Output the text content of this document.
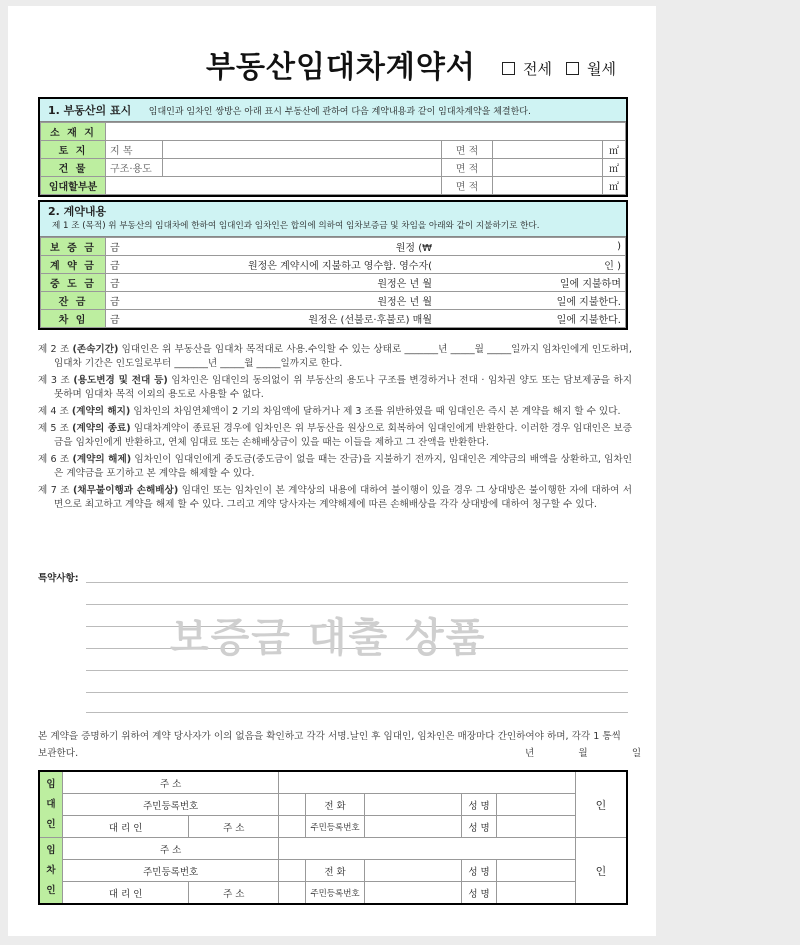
부동산임대차계약서	전세 월세
1. 부동산의 표시 임대인과 임차인 쌍방은 아래 표시 부동산에 관하여 다음 계약내용과 같이 임대차계약을 체결한다.
소 재 지					
토 지	지 목		면 적		㎡
건 물	구조·용도		면 적		㎡
임대할부분			면 적		㎡
2. 계약내용
제 1 조 (목적) 위 부동산의 임대차에 한하여 임대인과 임차인은 합의에 의하여 임차보증금 및 차임을 아래와 같이 지불하기로 한다.
보 증 금	금	원정 (₩	)
계 약 금	금	원정은 계약시에 지불하고 영수함. 영수자(	인 )
중 도 금	금	원정은 년 월	일에 지불하며
잔 금	금	원정은 년 월	일에 지불한다.
차 임	금	원정은 (선불로·후불로) 매월	일에 지불한다.
제 2 조 (존속기간) 임대인은 위 부동산을 임대차 목적대로 사용.수익할 수 있는 상태로 _______년 _____월 _____일까지 임차인에게 인도하며, 임대차 기간은 인도일로부터 _______년 _____월 _____일까지로 한다.
제 3 조 (용도변경 및 전대 등) 임차인은 임대인의 동의없이 위 부동산의 용도나 구조를 변경하거나 전대 · 임차권 양도 또는 담보제공을 하지 못하며 임대차 목적 이외의 용도로 사용할 수 없다.
제 4 조 (계약의 해지) 임차인의 차임연체액이 2 기의 차임액에 달하거나 제 3 조를 위반하였을 때 임대인은 즉시 본 계약을 해지 할 수 있다.
제 5 조 (계약의 종료) 임대차계약이 종료된 경우에 임차인은 위 부동산을 원상으로 회복하여 임대인에게 반환한다. 이러한 경우 임대인은 보증금을 임차인에게 반환하고, 연체 임대료 또는 손해배상금이 있을 때는 이들을 제하고 그 잔액을 반환한다.
제 6 조 (계약의 해제) 임차인이 임대인에게 중도금(중도금이 없을 때는 잔금)을 지불하기 전까지, 임대인은 계약금의 배액을 상환하고, 임차인은 계약금을 포기하고 본 계약을 해제할 수 있다.
제 7 조 (채무불이행과 손해배상) 임대인 또는 임차인이 본 계약상의 내용에 대하여 불이행이 있을 경우 그 상대방은 불이행한 자에 대하여 서면으로 최고하고 계약을 해제 할 수 있다. 그리고 계약 당사자는 계약해제에 따른 손해배상을 각각 상대방에 대하여 청구할 수 있다.
특약사항:
보증금 대출 상품
본 계약을 증명하기 위하여 계약 당사자가 이의 없음을 확인하고 각각 서명.날인 후 임대인, 임차인은 매장마다 간인하여야 하며, 각각 1 통씩 보관한다.	년	월	일
임
대
인	주 소							인
	주민등록번호			전 화		성 명		
	대 리 인	주 소		주민등록번호		성 명		
임
차
인	주 소							인
	주민등록번호			전 화		성 명		
	대 리 인	주 소		주민등록번호		성 명		
